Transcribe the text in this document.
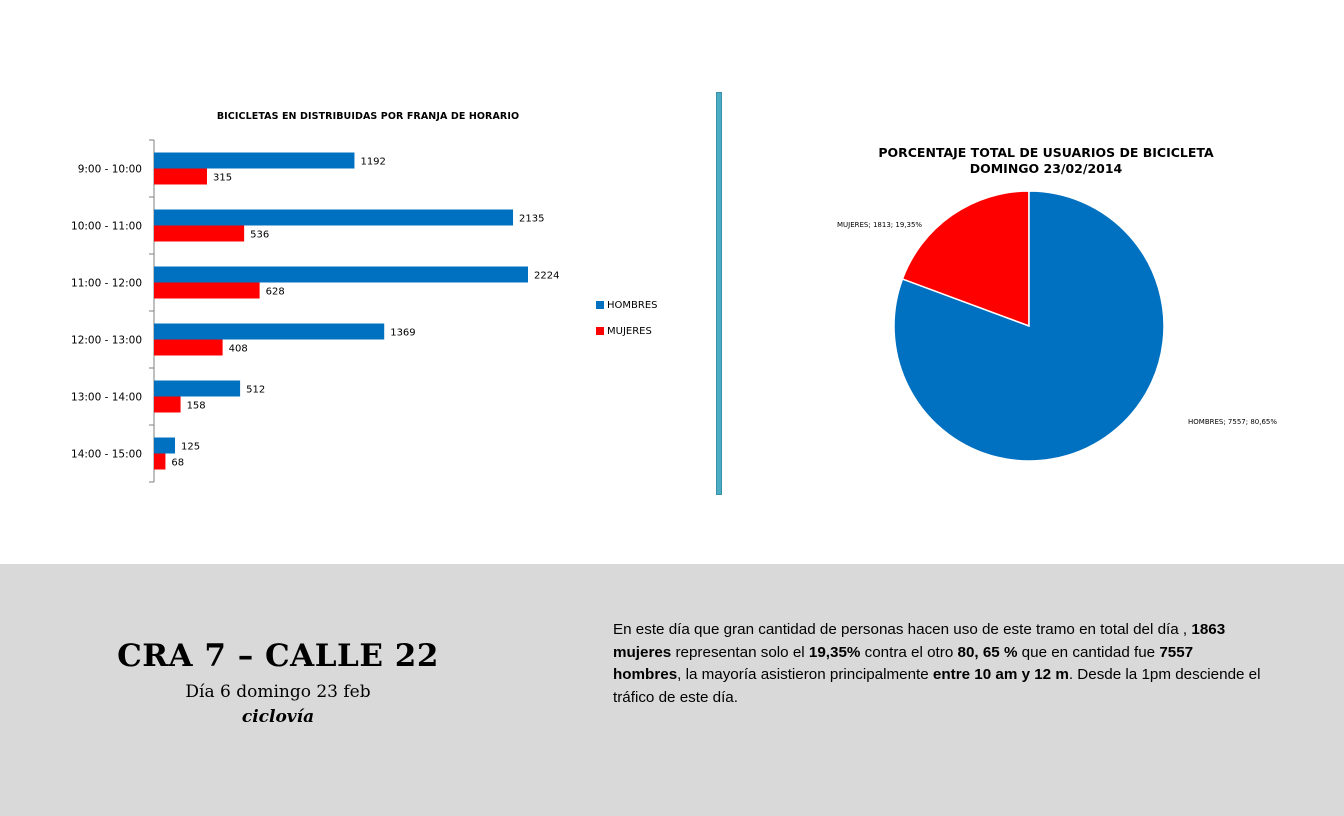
BICICLETAS EN DISTRIBUIDAS POR FRANJA DE HORARIO
9:00 - 10:00
1192
315
10:00 - 11:00
2135
536
11:00 - 12:00
2224
628
12:00 - 13:00
1369
408
13:00 - 14:00
512
158
14:00 - 15:00
125
68
HOMBRES
MUJERES
PORCENTAJE TOTAL DE USUARIOS DE BICICLETA
DOMINGO 23/02/2014
MUJERES; 1813; 19,35%
HOMBRES; 7557; 80,65%
CRA 7 – CALLE 22
Día 6 domingo 23 feb
ciclovía
En este día que gran cantidad de personas hacen uso de este tramo en total del día , 1863 mujeres representan solo el 19,35% contra el otro 80, 65 % que en cantidad fue 7557 hombres, la mayoría asistieron principalmente entre 10 am y 12 m. Desde la 1pm desciende el tráfico de este día.
